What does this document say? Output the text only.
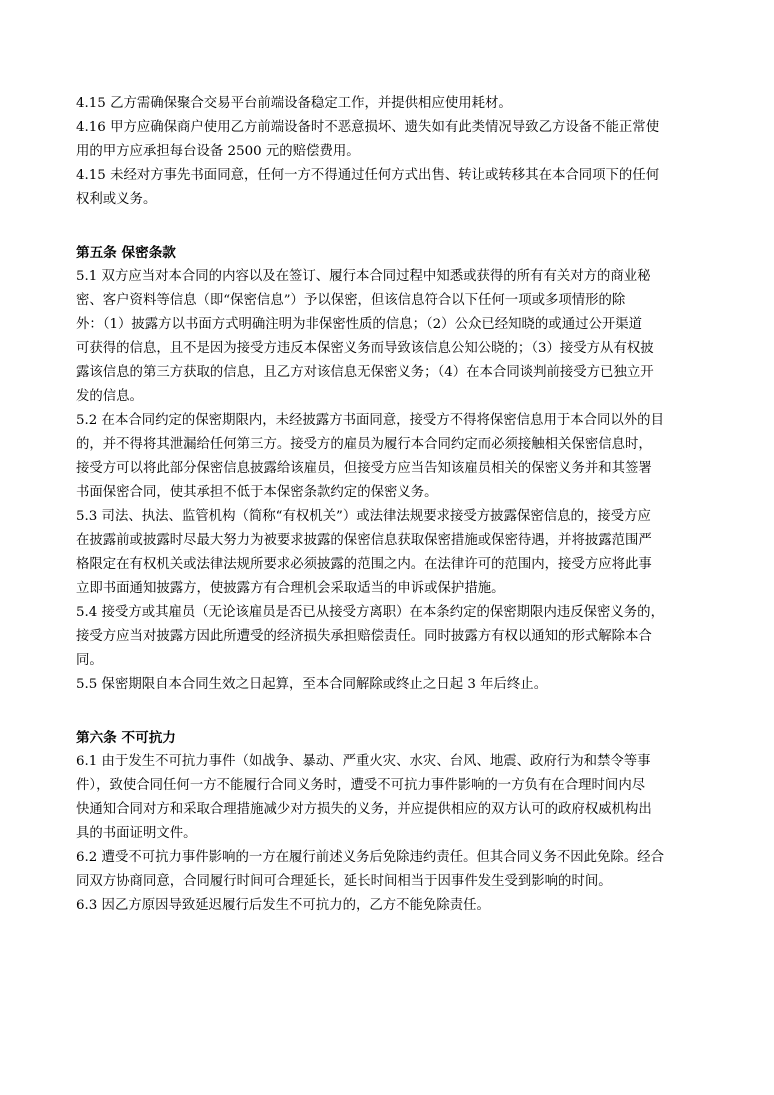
4.15 乙方需确保聚合交易平台前端设备稳定工作，并提供相应使用耗材。
4.16 甲方应确保商户使用乙方前端设备时不恶意损坏、遗失如有此类情况导致乙方设备不能正常使
用的甲方应承担每台设备 2500 元的赔偿费用。
4.15 未经对方事先书面同意，任何一方不得通过任何方式出售、转让或转移其在本合同项下的任何
权利或义务。
第五条 保密条款
5.1 双方应当对本合同的内容以及在签订、履行本合同过程中知悉或获得的所有有关对方的商业秘
密、客户资料等信息（即“保密信息”）予以保密，但该信息符合以下任何一项或多项情形的除
外：（1）披露方以书面方式明确注明为非保密性质的信息；（2）公众已经知晓的或通过公开渠道
可获得的信息，且不是因为接受方违反本保密义务而导致该信息公知公晓的；（3）接受方从有权披
露该信息的第三方获取的信息，且乙方对该信息无保密义务；（4）在本合同谈判前接受方已独立开
发的信息。
5.2 在本合同约定的保密期限内，未经披露方书面同意，接受方不得将保密信息用于本合同以外的目
的，并不得将其泄漏给任何第三方。接受方的雇员为履行本合同约定而必须接触相关保密信息时，
接受方可以将此部分保密信息披露给该雇员，但接受方应当告知该雇员相关的保密义务并和其签署
书面保密合同，使其承担不低于本保密条款约定的保密义务。
5.3 司法、执法、监管机构（简称“有权机关”）或法律法规要求接受方披露保密信息的，接受方应
在披露前或披露时尽最大努力为被要求披露的保密信息获取保密措施或保密待遇，并将披露范围严
格限定在有权机关或法律法规所要求必须披露的范围之内。在法律许可的范围内，接受方应将此事
立即书面通知披露方，使披露方有合理机会采取适当的申诉或保护措施。
5.4 接受方或其雇员（无论该雇员是否已从接受方离职）在本条约定的保密期限内违反保密义务的，
接受方应当对披露方因此所遭受的经济损失承担赔偿责任。同时披露方有权以通知的形式解除本合
同。
5.5 保密期限自本合同生效之日起算，至本合同解除或终止之日起 3 年后终止。
第六条 不可抗力
6.1 由于发生不可抗力事件（如战争、暴动、严重火灾、水灾、台风、地震、政府行为和禁令等事
件），致使合同任何一方不能履行合同义务时，遭受不可抗力事件影响的一方负有在合理时间内尽
快通知合同对方和采取合理措施减少对方损失的义务，并应提供相应的双方认可的政府权威机构出
具的书面证明文件。
6.2 遭受不可抗力事件影响的一方在履行前述义务后免除违约责任。但其合同义务不因此免除。经合
同双方协商同意，合同履行时间可合理延长，延长时间相当于因事件发生受到影响的时间。
6.3 因乙方原因导致延迟履行后发生不可抗力的，乙方不能免除责任。
